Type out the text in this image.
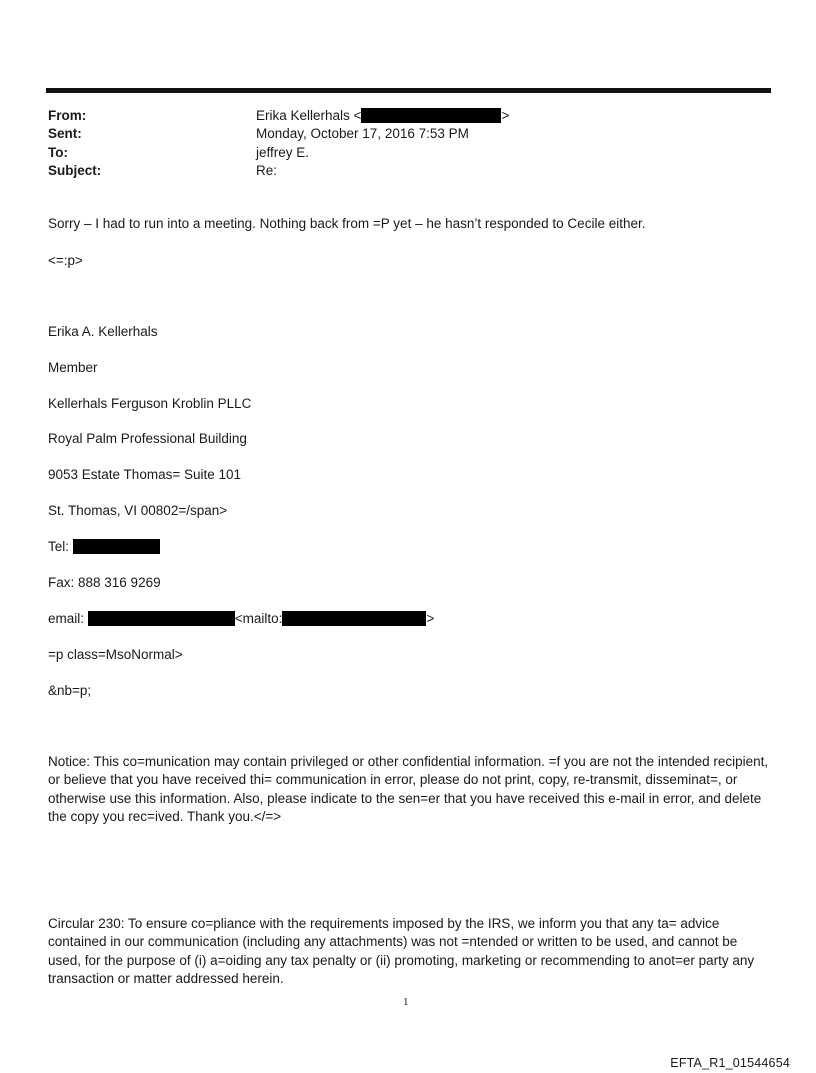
From:	Erika Kellerhals <	>
Sent:	Monday, October 17, 2016 7:53 PM
To:	jeffrey E.
Subject:	Re:
Sorry – I had to run into a meeting. Nothing back from =P yet – he hasn’t responded to Cecile either.
<=:p>
Erika A. Kellerhals
Member
Kellerhals Ferguson Kroblin PLLC
Royal Palm Professional Building
9053 Estate Thomas= Suite 101
St. Thomas, VI 00802=/span>
Tel:
Fax: 888 316 9269
email:	<mailto:	>
=p class=MsoNormal>
&nb=p;
Notice: This co=munication may contain privileged or other confidential information. =f you are not the intended recipient, or believe that you have received thi= communication in error, please do not print, copy, re-transmit, disseminat=, or otherwise use this information. Also, please indicate to the sen=er that you have received this e-mail in error, and delete the copy you rec=ived. Thank you.</=>
Circular 230: To ensure co=pliance with the requirements imposed by the IRS, we inform you that any ta= advice contained in our communication (including any attachments) was not =ntended or written to be used, and cannot be used, for the purpose of (i) a=oiding any tax penalty or (ii) promoting, marketing or recommending to anot=er party any transaction or matter addressed herein.
1
EFTA_R1_01544654
